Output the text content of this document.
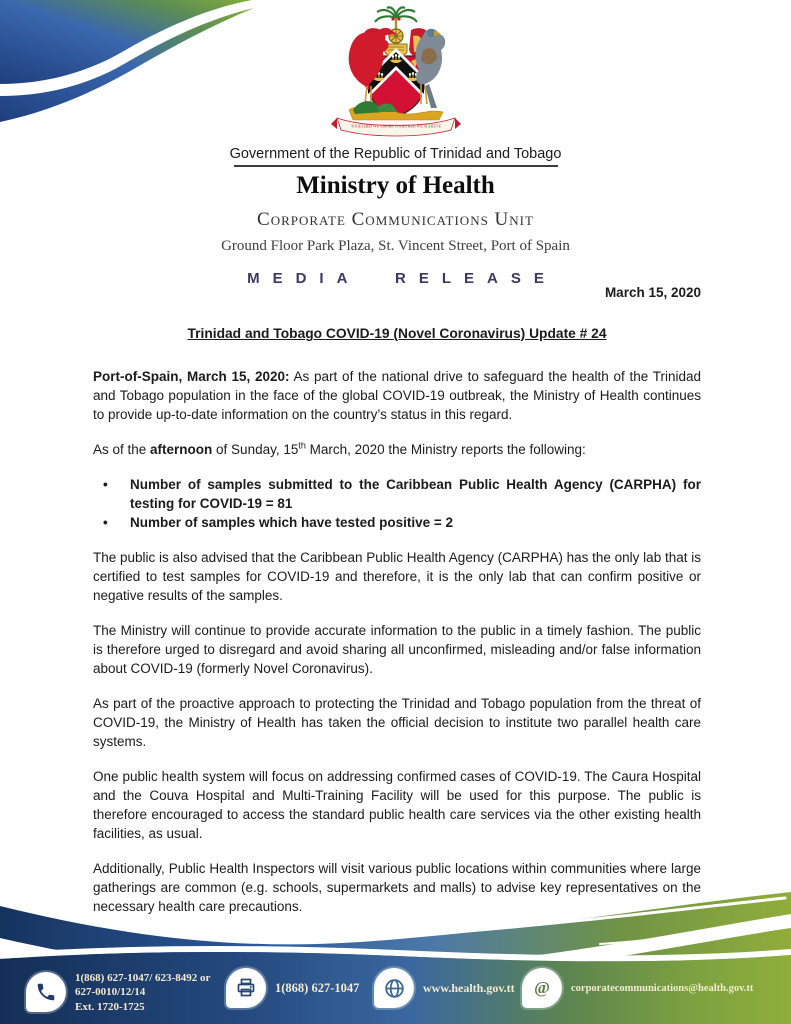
TOGETHER WE ASPIRE TOGETHER WE ACHIEVE
Government of the Republic of Trinidad and Tobago
Ministry of Health
Corporate Communications Unit
Ground Floor Park Plaza, St. Vincent Street, Port of Spain
MEDIA RELEASE
March 15, 2020
Trinidad and Tobago COVID-19 (Novel Coronavirus) Update # 24

Port-of-Spain, March 15, 2020: As part of the national drive to safeguard the health of the Trinidad and Tobago population in the face of the global COVID-19 outbreak, the Ministry of Health continues to provide up-to-date information on the country’s status in this regard.

As of the afternoon of Sunday, 15th March, 2020 the Ministry reports the following:

• Number of samples submitted to the Caribbean Public Health Agency (CARPHA) for testing for COVID-19 = 81
• Number of samples which have tested positive = 2

The public is also advised that the Caribbean Public Health Agency (CARPHA) has the only lab that is certified to test samples for COVID-19 and therefore, it is the only lab that can confirm positive or negative results of the samples.

The Ministry will continue to provide accurate information to the public in a timely fashion. The public is therefore urged to disregard and avoid sharing all unconfirmed, misleading and/or false information about COVID-19 (formerly Novel Coronavirus).

As part of the proactive approach to protecting the Trinidad and Tobago population from the threat of COVID-19, the Ministry of Health has taken the official decision to institute two parallel health care systems.

One public health system will focus on addressing confirmed cases of COVID-19. The Caura Hospital and the Couva Hospital and Multi-Training Facility will be used for this purpose. The public is therefore encouraged to access the standard public health care services via the other existing health facilities, as usual.

Additionally, Public Health Inspectors will visit various public locations within communities where large gatherings are common (e.g. schools, supermarkets and malls) to advise key representatives on the necessary health care precautions.

1(868) 627-1047/ 623-8492 or
627-0010/12/14
Ext. 1720-1725
1(868) 627-1047	www.health.gov.tt @ corporatecommunications@health.gov.tt
